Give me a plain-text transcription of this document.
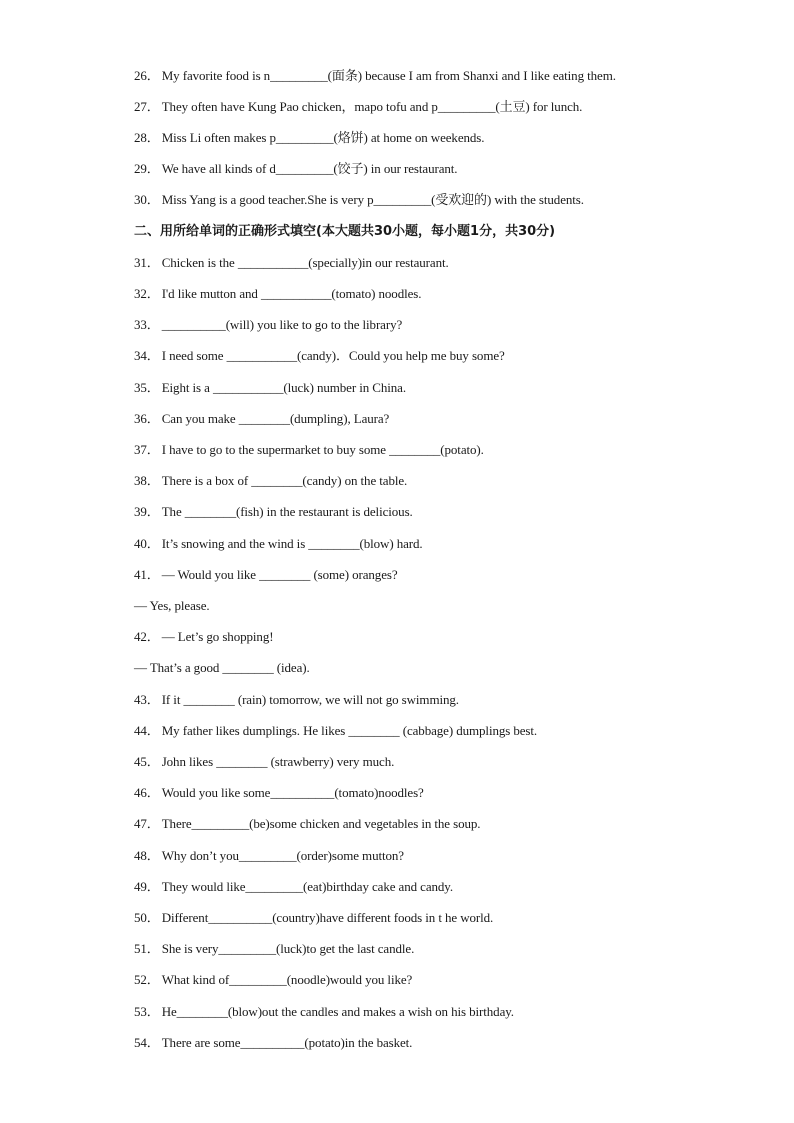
26． My favorite food is n_________(面条) because I am from Shanxi and I like eating them.
27． They often have Kung Pao chicken，mapo tofu and p_________(土豆) for lunch.
28． Miss Li often makes p_________(烙饼) at home on weekends.
29． We have all kinds of d_________(饺子) in our restaurant.
30． Miss Yang is a good teacher.She is very p_________(受欢迎的) with the students.
二、用所给单词的正确形式填空(本大题共30小题，每小题1分，共30分)
31． Chicken is the ___________(specially)in our restaurant.
32． I'd like mutton and ___________(tomato) noodles.
33． __________(will) you like to go to the library?
34． I need some ___________(candy)．Could you help me buy some?
35． Eight is a ___________(luck) number in China.
36． Can you make ________(dumpling), Laura?
37． I have to go to the supermarket to buy some ________(potato).
38． There is a box of ________(candy) on the table.
39． The ________(fish) in the restaurant is delicious.
40． It’s snowing and the wind is ________(blow) hard.
41． — Would you like ________ (some) oranges?
— Yes, please.
42． — Let’s go shopping!
— That’s a good ________ (idea).
43． If it ________ (rain) tomorrow, we will not go swimming.
44． My father likes dumplings. He likes ________ (cabbage) dumplings best.
45． John likes ________ (strawberry) very much.
46． Would you like some__________(tomato)noodles?
47． There_________(be)some chicken and vegetables in the soup.
48． Why don’t you_________(order)some mutton?
49． They would like_________(eat)birthday cake and candy.
50． Different__________(country)have different foods in t he world.
51． She is very_________(luck)to get the last candle.
52． What kind of_________(noodle)would you like?
53． He________(blow)out the candles and makes a wish on his birthday.
54． There are some__________(potato)in the basket.
